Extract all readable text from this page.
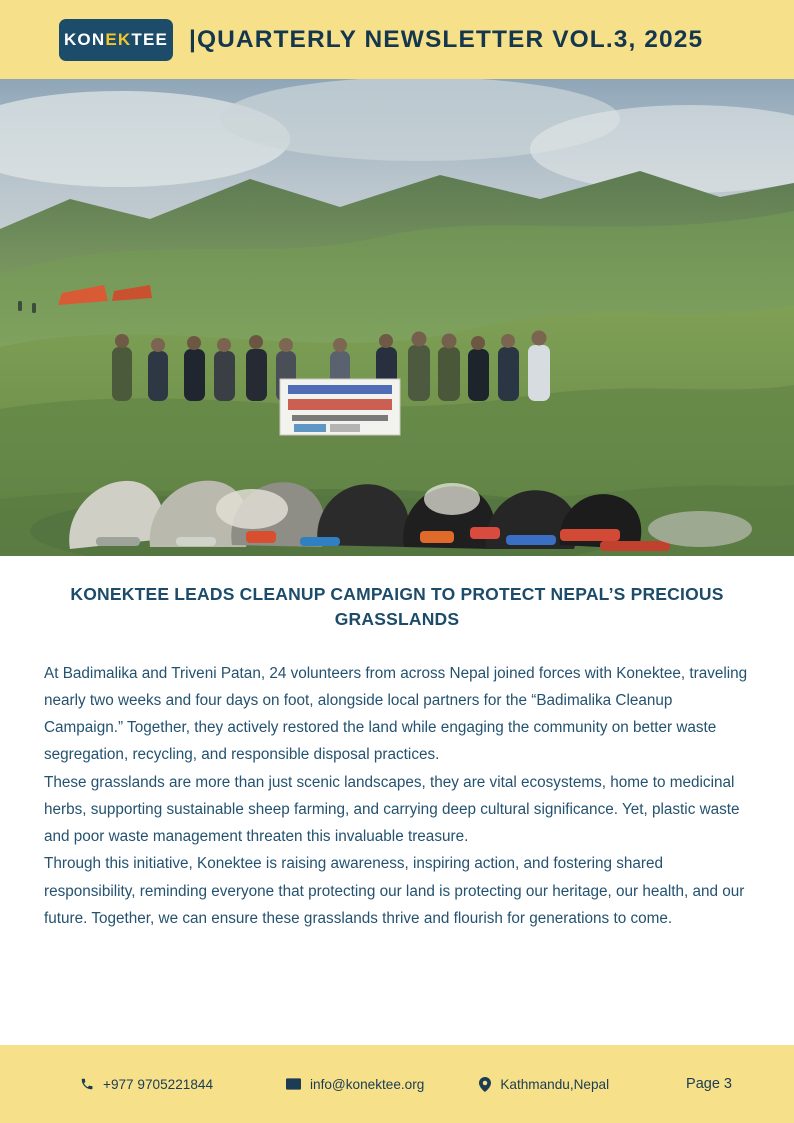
KONEKTEE |QUARTERLY NEWSLETTER VOL.3, 2025
KONEKTEE LEADS CLEANUP CAMPAIGN TO PROTECT NEPAL’S PRECIOUS GRASSLANDS

At Badimalika and Triveni Patan, 24 volunteers from across Nepal joined forces with Konektee, traveling nearly two weeks and four days on foot, alongside local partners for the “Badimalika Cleanup Campaign.” Together, they actively restored the land while engaging the community on better waste segregation, recycling, and responsible disposal practices.

These grasslands are more than just scenic landscapes, they are vital ecosystems, home to medicinal herbs, supporting sustainable sheep farming, and carrying deep cultural significance. Yet, plastic waste and poor waste management threaten this invaluable treasure.

Through this initiative, Konektee is raising awareness, inspiring action, and fostering shared responsibility, reminding everyone that protecting our land is protecting our heritage, our health, and our future. Together, we can ensure these grasslands thrive and flourish for generations to come.

+977 9705221844	info@konektee.org	Kathmandu,Nepal	Page 3
